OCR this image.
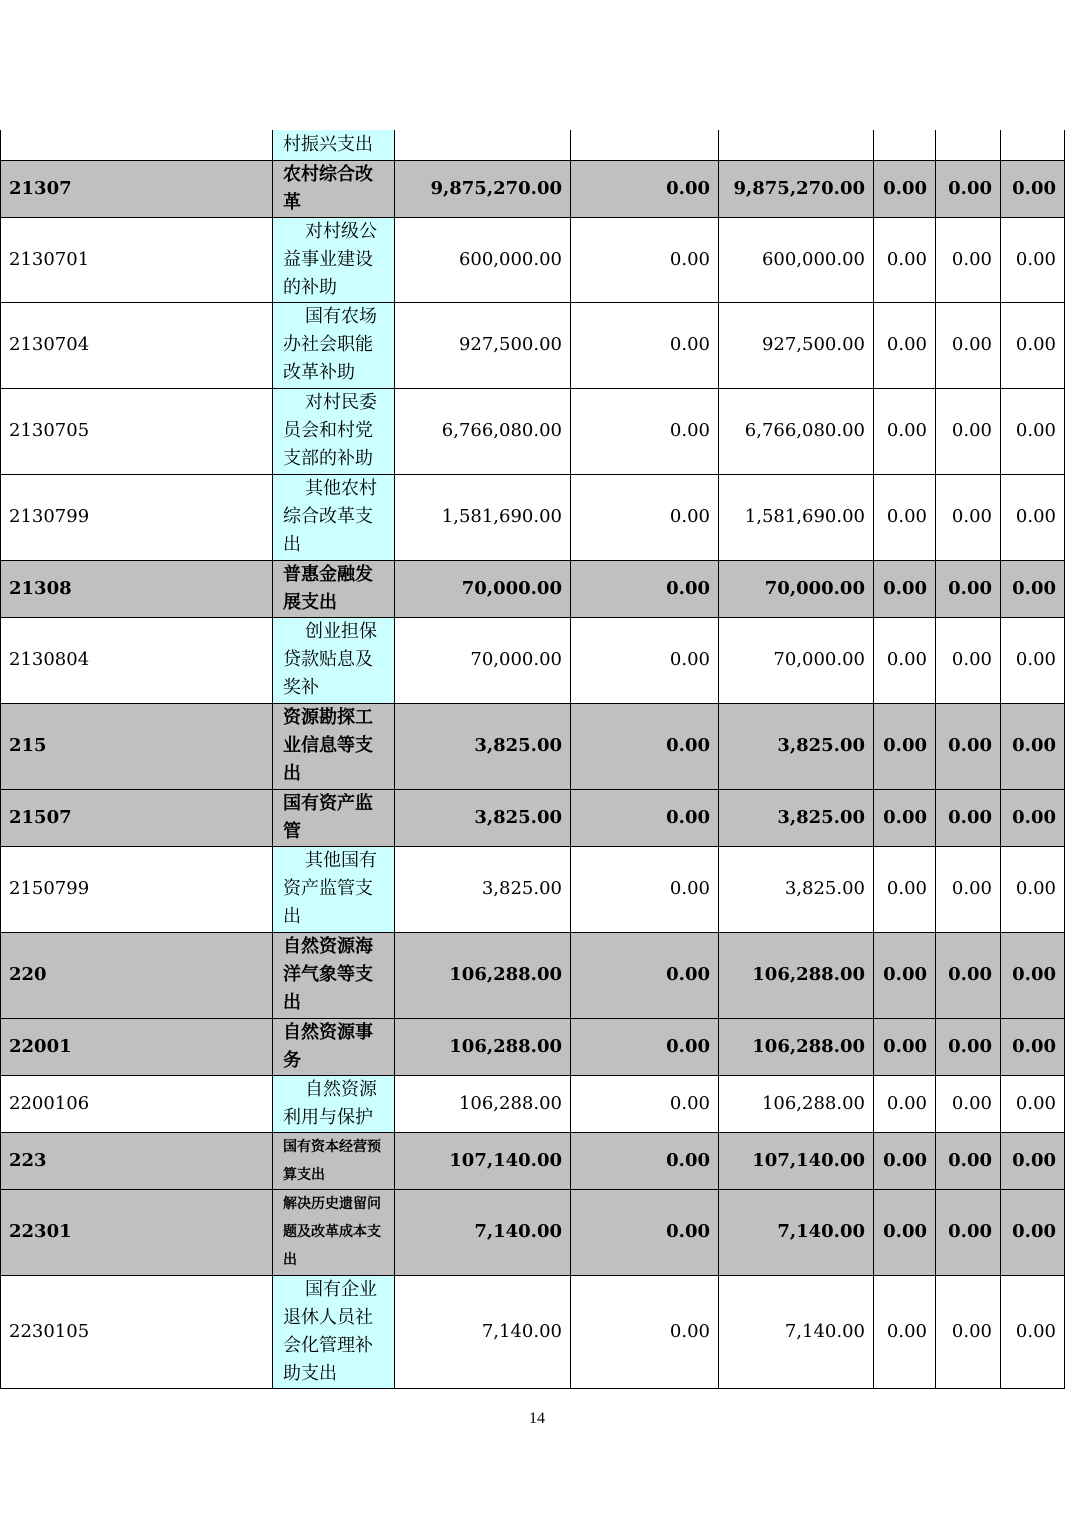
	村振兴支出						
21307	农村综合改革	9,875,270.00	0.00	9,875,270.00	0.00	0.00	0.00
2130701	对村级公益事业建设的补助	600,000.00	0.00	600,000.00	0.00	0.00	0.00
2130704	国有农场办社会职能改革补助	927,500.00	0.00	927,500.00	0.00	0.00	0.00
2130705	对村民委员会和村党支部的补助	6,766,080.00	0.00	6,766,080.00	0.00	0.00	0.00
2130799	其他农村综合改革支出	1,581,690.00	0.00	1,581,690.00	0.00	0.00	0.00
21308	普惠金融发展支出	70,000.00	0.00	70,000.00	0.00	0.00	0.00
2130804	创业担保贷款贴息及奖补	70,000.00	0.00	70,000.00	0.00	0.00	0.00
215	资源勘探工业信息等支出	3,825.00	0.00	3,825.00	0.00	0.00	0.00
21507	国有资产监管	3,825.00	0.00	3,825.00	0.00	0.00	0.00
2150799	其他国有资产监管支出	3,825.00	0.00	3,825.00	0.00	0.00	0.00
220	自然资源海洋气象等支出	106,288.00	0.00	106,288.00	0.00	0.00	0.00
22001	自然资源事务	106,288.00	0.00	106,288.00	0.00	0.00	0.00
2200106	自然资源利用与保护	106,288.00	0.00	106,288.00	0.00	0.00	0.00
223	国有资本经营预算支出	107,140.00	0.00	107,140.00	0.00	0.00	0.00
22301	解决历史遗留问题及改革成本支出	7,140.00	0.00	7,140.00	0.00	0.00	0.00
2230105	国有企业退休人员社会化管理补助支出	7,140.00	0.00	7,140.00	0.00	0.00	0.00
14
